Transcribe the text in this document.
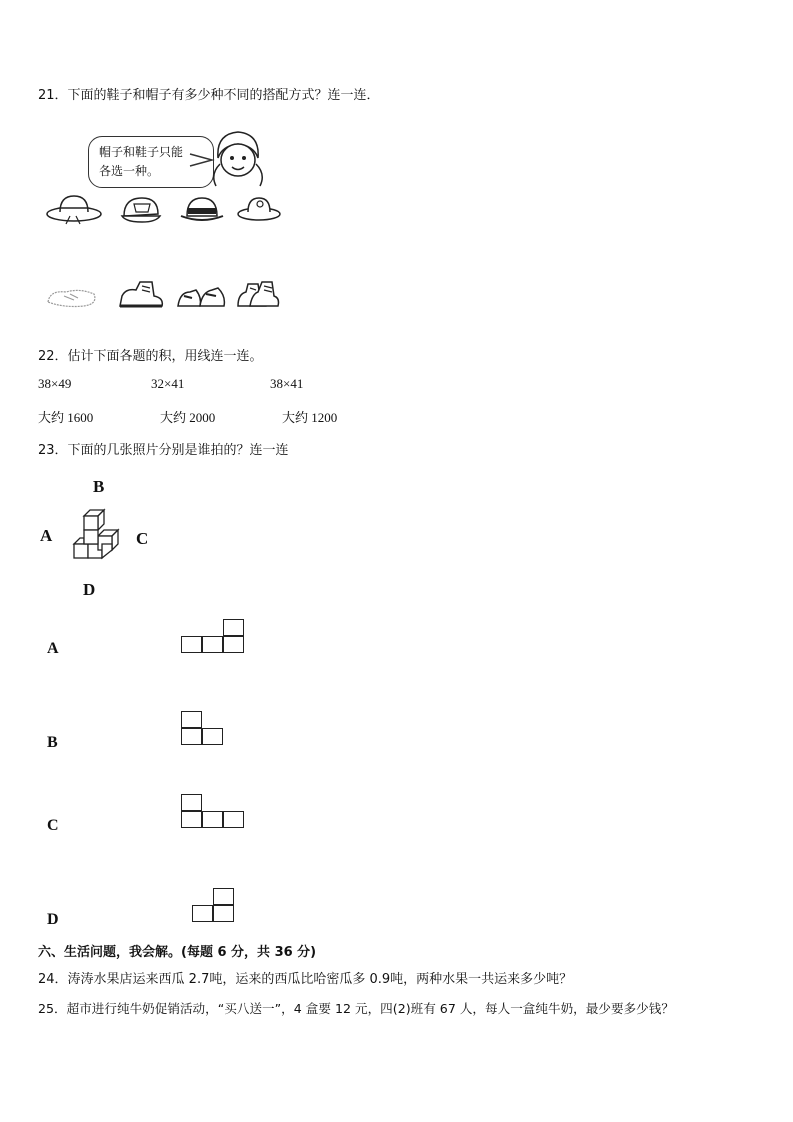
21．下面的鞋子和帽子有多少种不同的搭配方式？连一连．
帽子和鞋子只能
各选一种。
22．估计下面各题的积，用线连一连。
38×49	32×41	38×41
大约 1600	大约 2000	大约 1200
23．下面的几张照片分别是谁拍的？连一连
B
A	C
D
A
B
C
D
六、生活问题，我会解。(每题 6 分，共 36 分)
24．涛涛水果店运来西瓜 2.7吨，运来的西瓜比哈密瓜多 0.9吨，两种水果一共运来多少吨？
25．超市进行纯牛奶促销活动，“买八送一”，4 盒要 12 元，四(2)班有 67 人，每人一盒纯牛奶，最少要多少钱？
